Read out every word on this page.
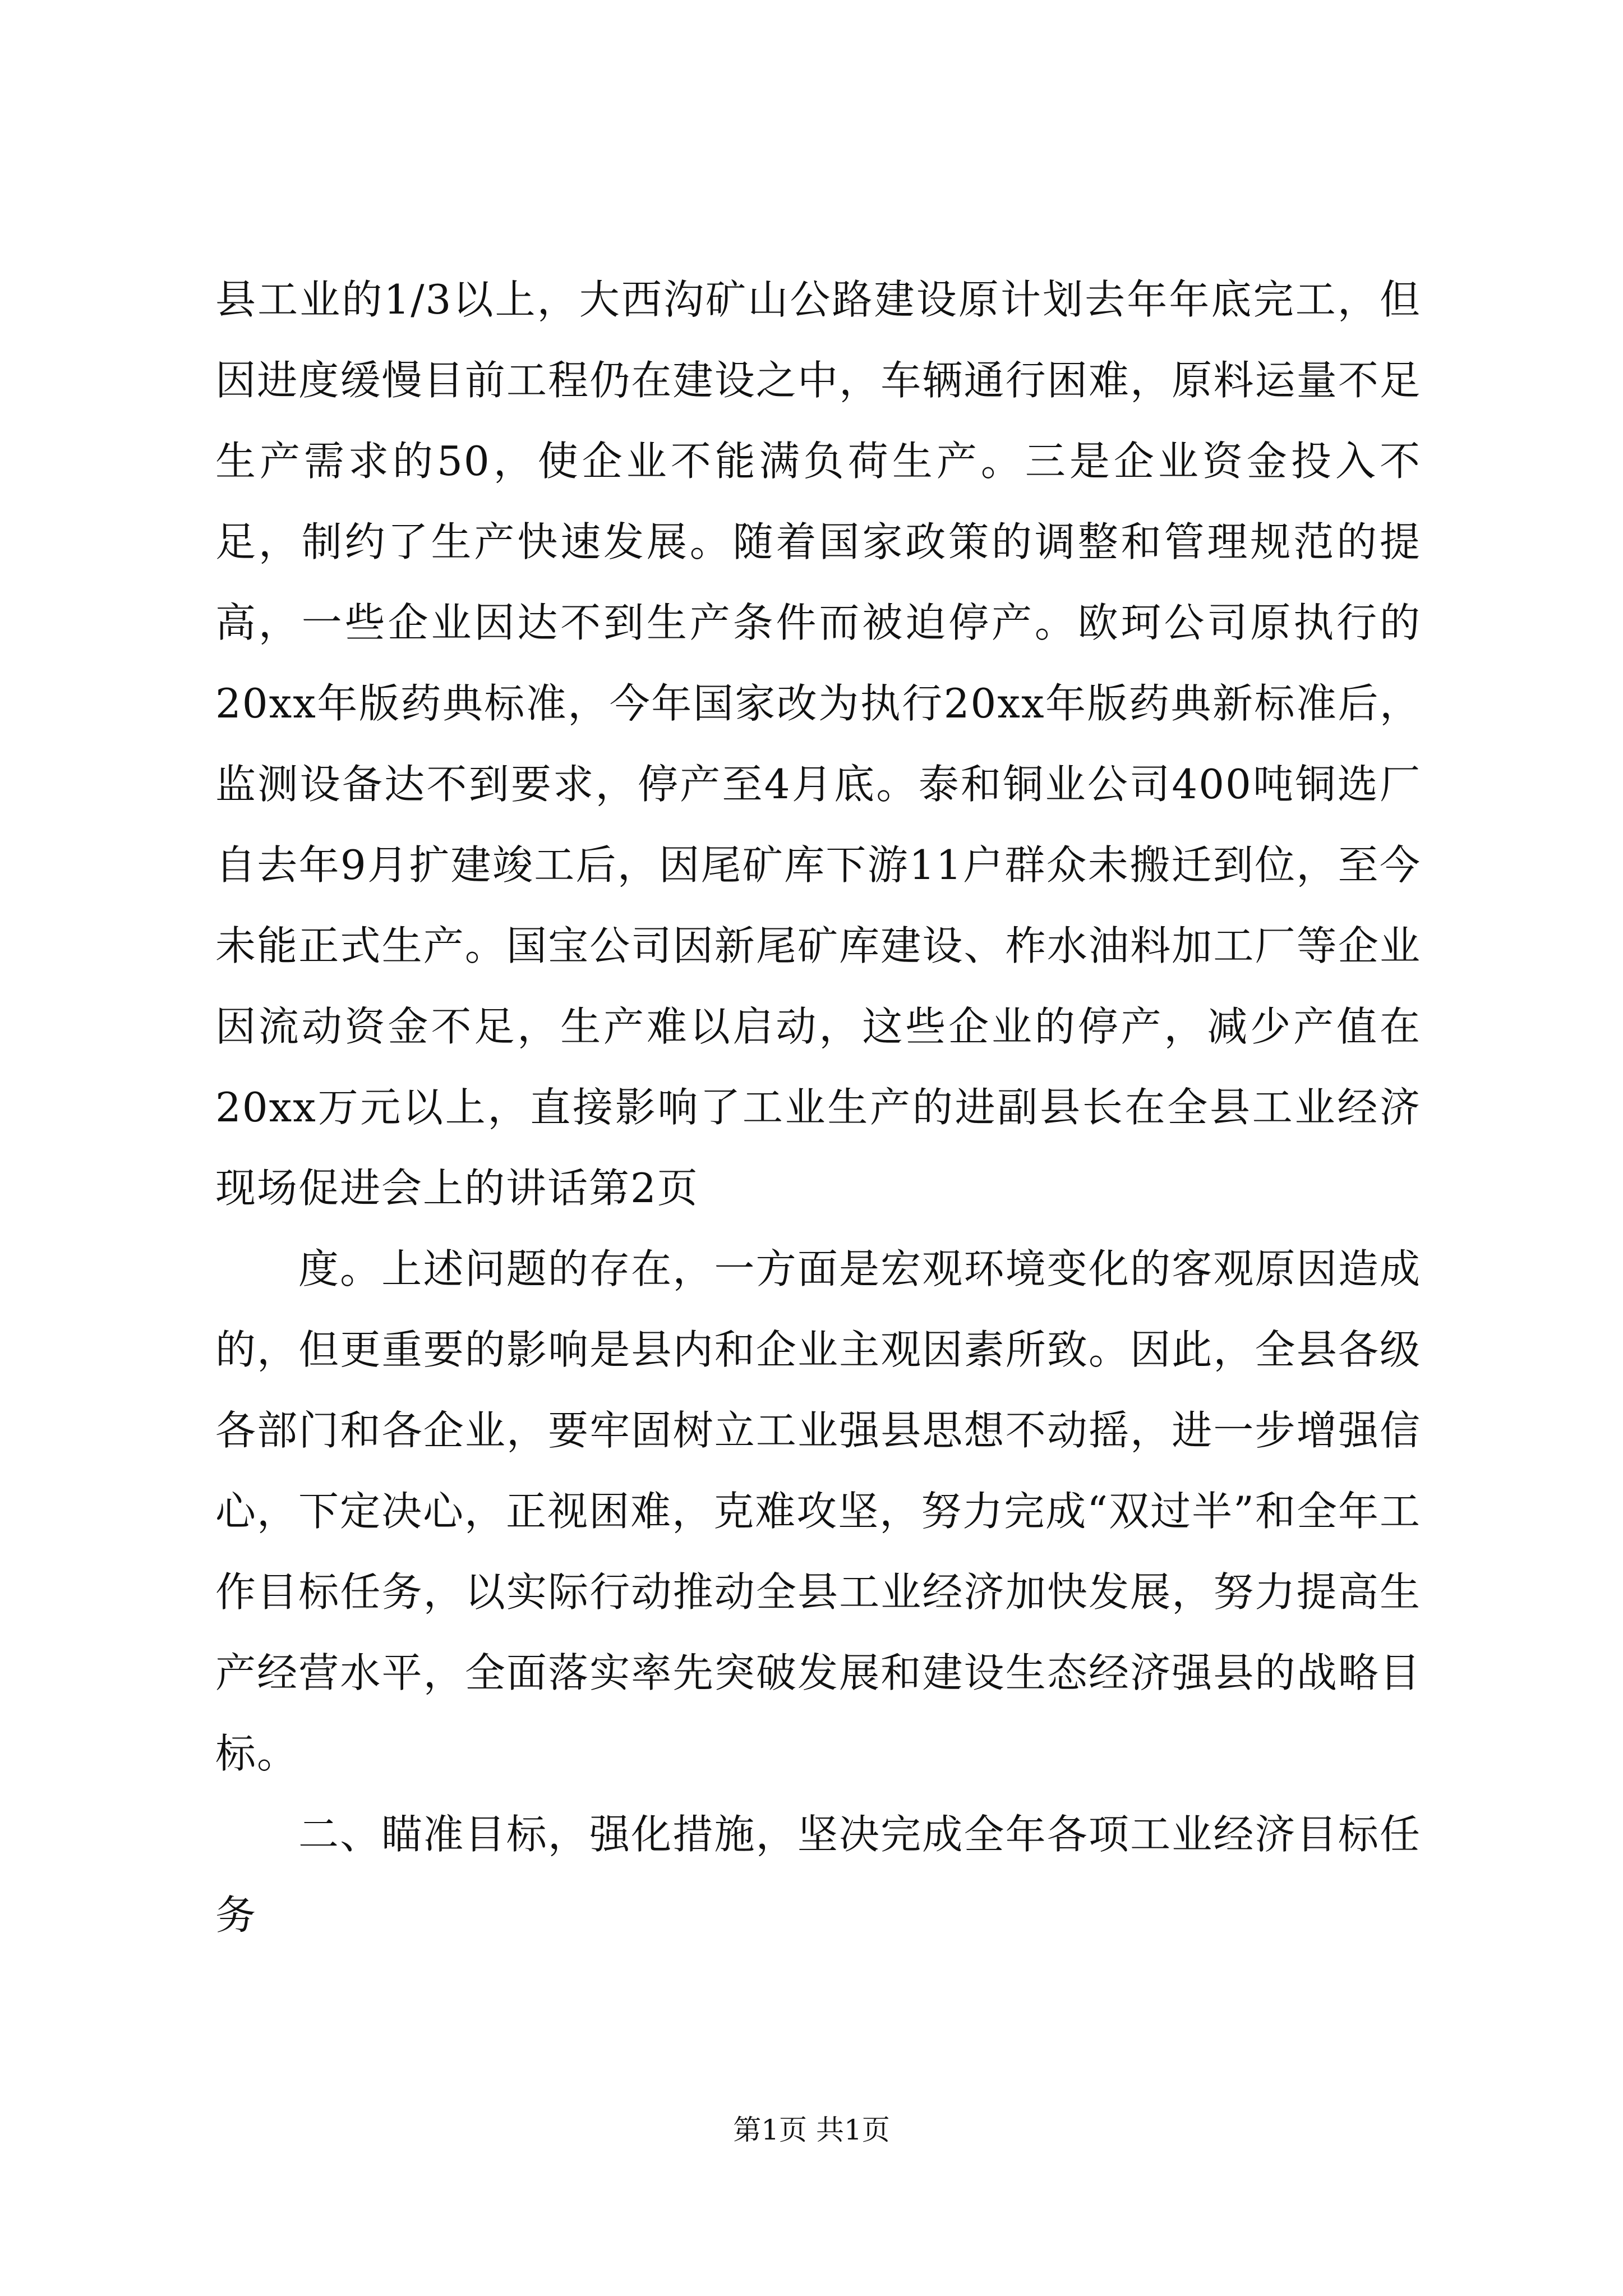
县工业的1/3以上，大西沟矿山公路建设原计划去年年底完工，但因进度缓慢目前工程仍在建设之中，车辆通行困难，原料运量不足生产需求的50，使企业不能满负荷生产。三是企业资金投入不足，制约了生产快速发展。随着国家政策的调整和管理规范的提高，一些企业因达不到生产条件而被迫停产。欧珂公司原执行的20xx年版药典标准，今年国家改为执行20xx年版药典新标准后，监测设备达不到要求，停产至4月底。泰和铜业公司400吨铜选厂自去年9月扩建竣工后，因尾矿库下游11户群众未搬迁到位，至今未能正式生产。国宝公司因新尾矿库建设、柞水油料加工厂等企业因流动资金不足，生产难以启动，这些企业的停产，减少产值在20xx万元以上，直接影响了工业生产的进副县长在全县工业经济现场促进会上的讲话第2页

度。上述问题的存在，一方面是宏观环境变化的客观原因造成的，但更重要的影响是县内和企业主观因素所致。因此，全县各级各部门和各企业，要牢固树立工业强县思想不动摇，进一步增强信心，下定决心，正视困难，克难攻坚，努力完成“双过半”和全年工作目标任务，以实际行动推动全县工业经济加快发展，努力提高生产经营水平，全面落实率先突破发展和建设生态经济强县的战略目标。

二、瞄准目标，强化措施，坚决完成全年各项工业经济目标任务

第1页 共1页
